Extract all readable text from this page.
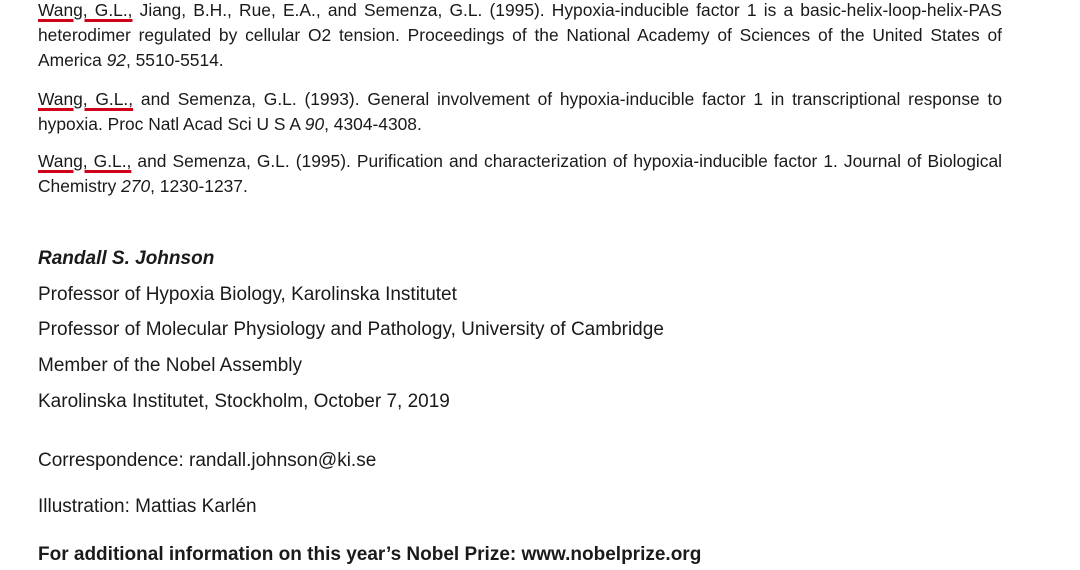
Wang, G.L., Jiang, B.H., Rue, E.A., and Semenza, G.L. (1995). Hypoxia-inducible factor 1 is a basic-helix-loop-helix-PAS heterodimer regulated by cellular O2 tension. Proceedings of the National Academy of Sciences of the United States of America 92, 5510-5514.

Wang, G.L., and Semenza, G.L. (1993). General involvement of hypoxia-inducible factor 1 in transcriptional response to hypoxia. Proc Natl Acad Sci U S A 90, 4304-4308.

Wang, G.L., and Semenza, G.L. (1995). Purification and characterization of hypoxia-inducible factor 1. Journal of Biological Chemistry 270, 1230-1237.

Randall S. Johnson

Professor of Hypoxia Biology, Karolinska Institutet

Professor of Molecular Physiology and Pathology, University of Cambridge

Member of the Nobel Assembly

Karolinska Institutet, Stockholm, October 7, 2019

Correspondence: randall.johnson@ki.se

Illustration: Mattias Karlén

For additional information on this year’s Nobel Prize: www.nobelprize.org
